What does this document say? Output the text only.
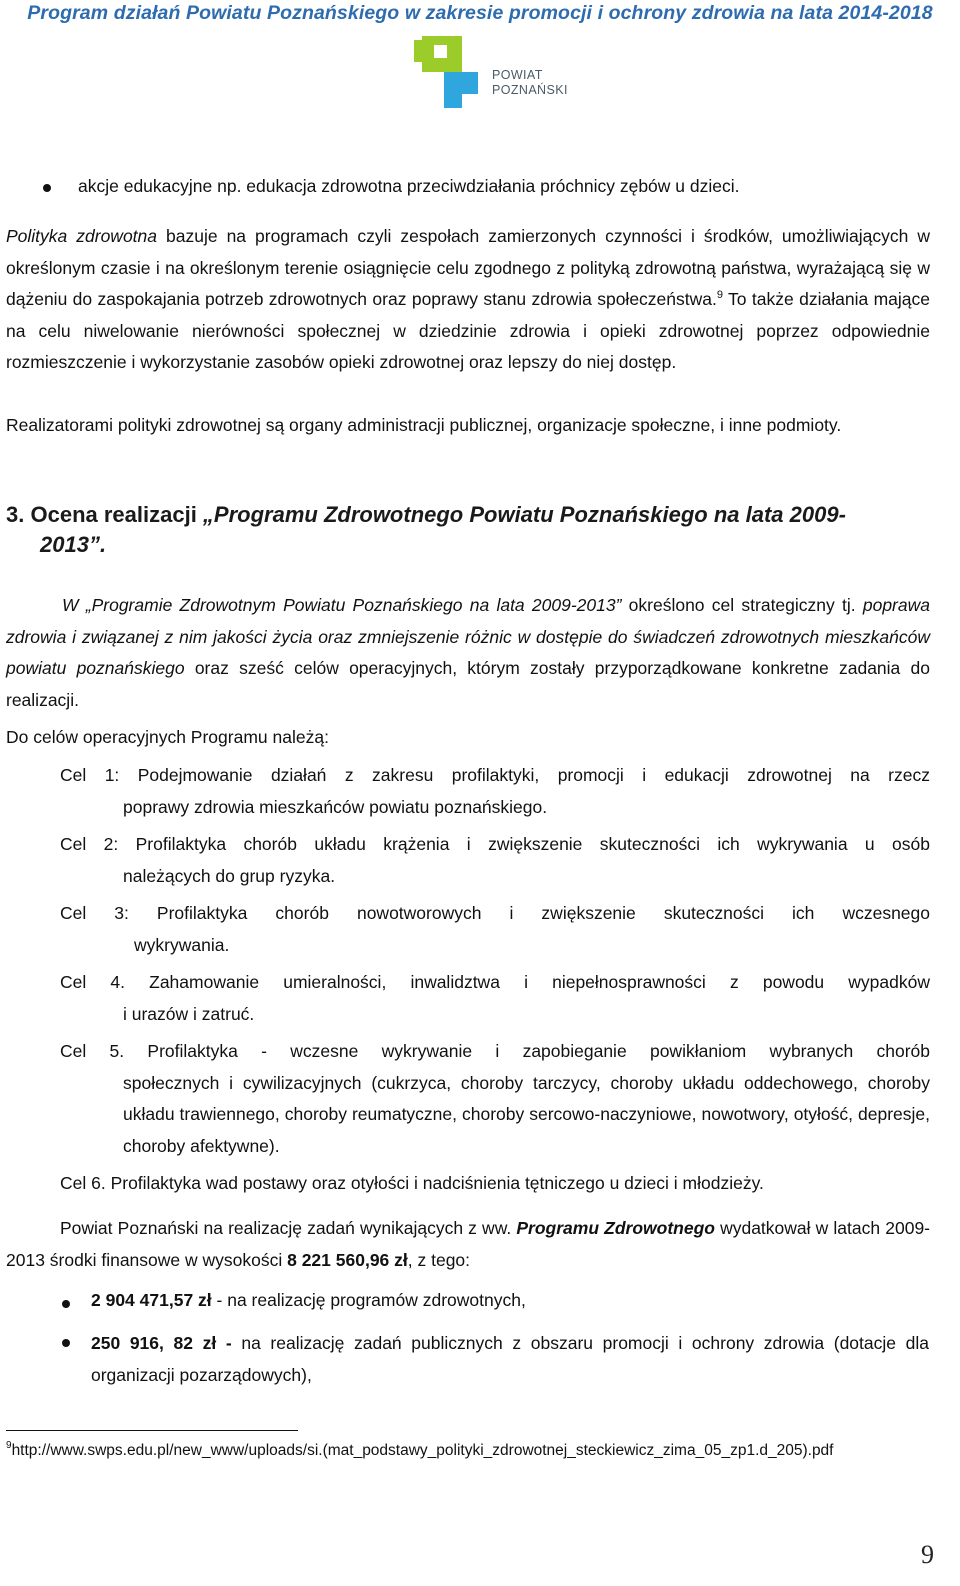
Program działań Powiatu Poznańskiego w zakresie promocji i ochrony zdrowia na lata 2014-2018
POWIAT
POZNAŃSKI
akcje edukacyjne np. edukacja zdrowotna przeciwdziałania próchnicy zębów u dzieci.
Polityka zdrowotna bazuje na programach czyli zespołach zamierzonych czynności i środków, umożliwiających w określonym czasie i na określonym terenie osiągnięcie celu zgodnego z polityką zdrowotną państwa, wyrażającą się w dążeniu do zaspokajania potrzeb zdrowotnych oraz poprawy stanu zdrowia społeczeństwa.$^9$ To także działania mające na celu niwelowanie nierówności społecznej w dziedzinie zdrowia i opieki zdrowotnej poprzez odpowiednie rozmieszczenie i wykorzystanie zasobów opieki zdrowotnej oraz lepszy do niej dostęp.
Realizatorami polityki zdrowotnej są organy administracji publicznej, organizacje społeczne, i inne podmioty.
3. Ocena realizacji „Programu Zdrowotnego Powiatu Poznańskiego na lata 2009-
2013”.
W „Programie Zdrowotnym Powiatu Poznańskiego na lata 2009-2013” określono cel strategiczny tj. poprawa zdrowia i związanej z nim jakości życia oraz zmniejszenie różnic w dostępie do świadczeń zdrowotnych mieszkańców powiatu poznańskiego oraz sześć celów operacyjnych, którym zostały przyporządkowane konkretne zadania do realizacji.
Do celów operacyjnych Programu należą:
Cel 1: Podejmowanie działań z zakresu profilaktyki, promocji i edukacji zdrowotnej na rzecz
poprawy zdrowia mieszkańców powiatu poznańskiego.
Cel 2: Profilaktyka chorób układu krążenia i zwiększenie skuteczności ich wykrywania u osób
należących do grup ryzyka.
Cel 3: Profilaktyka chorób nowotworowych i zwiększenie skuteczności ich wczesnego
wykrywania.
Cel 4. Zahamowanie umieralności, inwalidztwa i niepełnosprawności z powodu wypadków
i urazów i zatruć.
Cel 5. Profilaktyka - wczesne wykrywanie i zapobieganie powikłaniom wybranych chorób
społecznych i cywilizacyjnych (cukrzyca, choroby tarczycy, choroby układu oddechowego, choroby układu trawiennego, choroby reumatyczne, choroby sercowo-naczyniowe, nowotwory, otyłość, depresje, choroby afektywne).
Cel 6. Profilaktyka wad postawy oraz otyłości i nadciśnienia tętniczego u dzieci i młodzieży.
Powiat Poznański na realizację zadań wynikających z ww. Programu Zdrowotnego wydatkował w latach 2009-2013 środki finansowe w wysokości 8 221 560,96 zł, z tego:
2 904 471,57 zł - na realizację programów zdrowotnych,
250 916, 82 zł - na realizację zadań publicznych z obszaru promocji i ochrony zdrowia (dotacje dla organizacji pozarządowych),
$^9$http://www.swps.edu.pl/new_www/uploads/si.(mat_podstawy_polityki_zdrowotnej_steckiewicz_zima_05_zp1.d_205).pdf
9
